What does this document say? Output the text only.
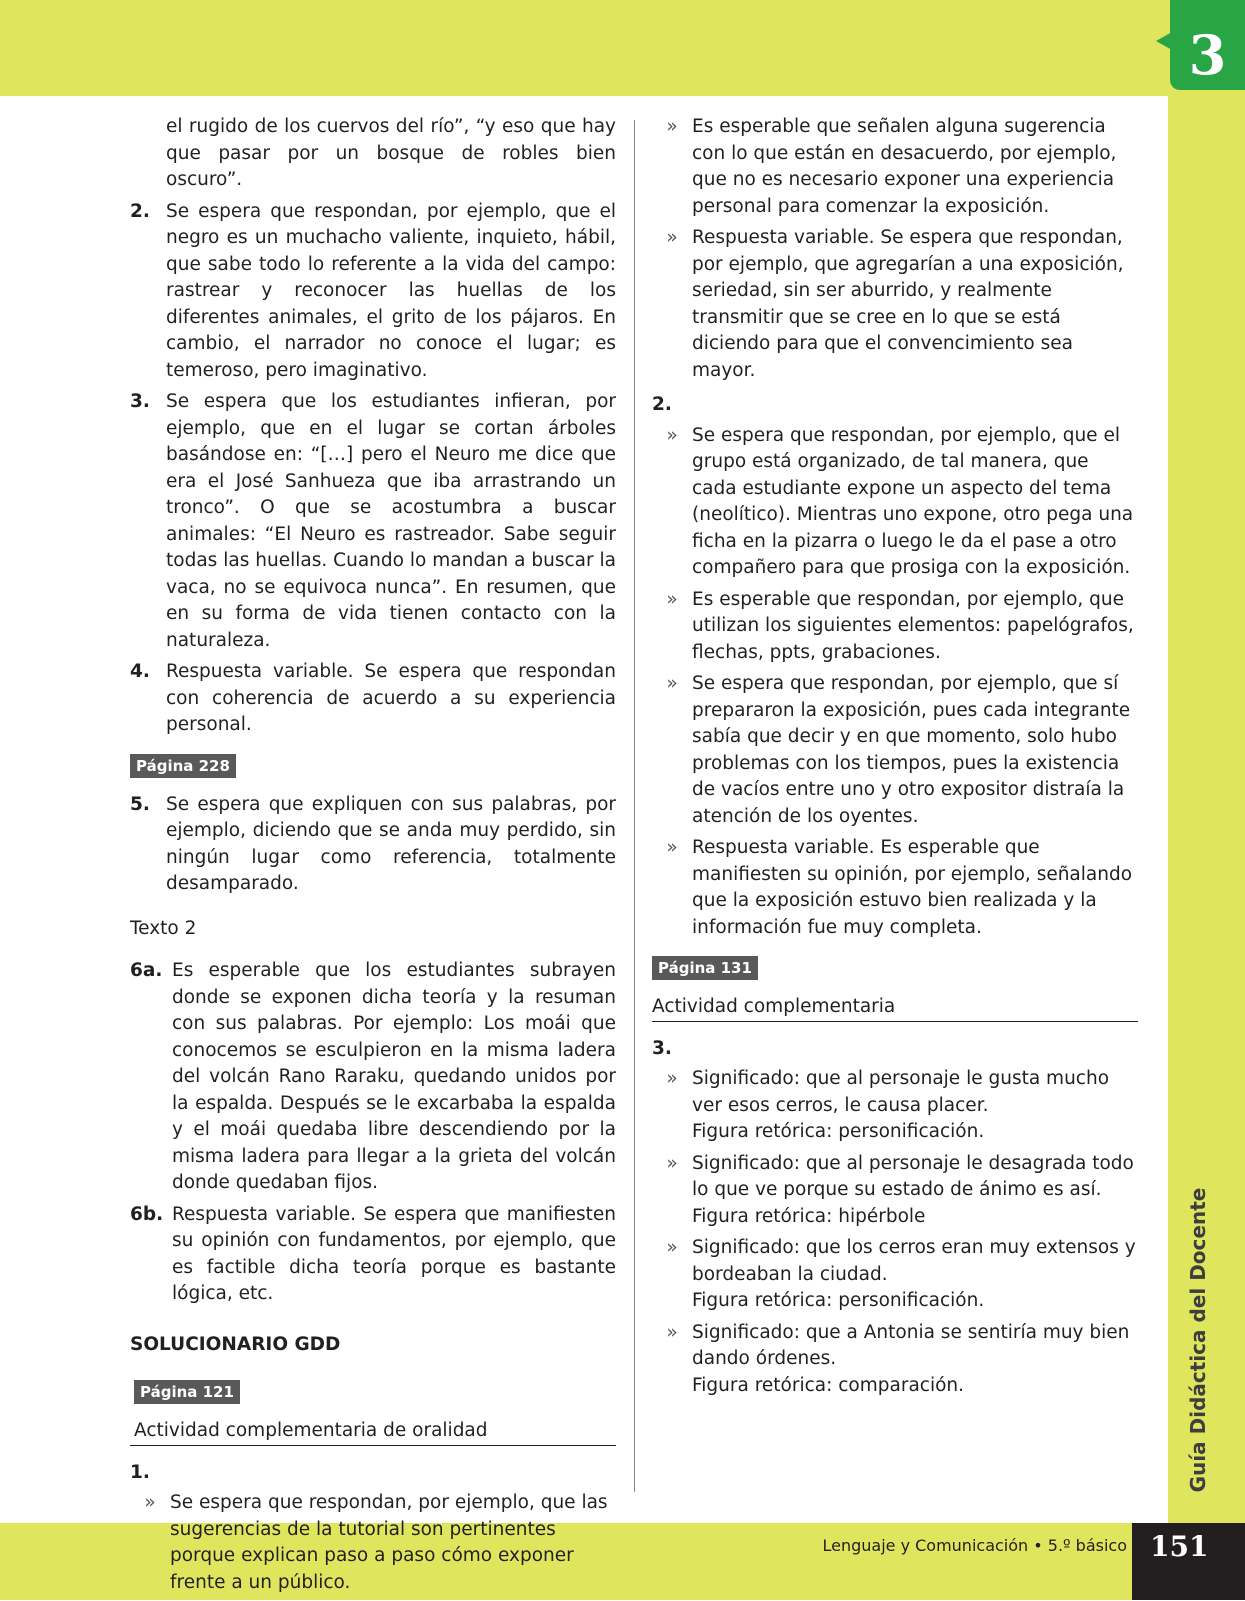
3
Guía Didáctica del Docente
Lenguaje y Comunicación • 5.º básico 151
el rugido de los cuervos del río”, “y eso que hay que pasar por un bosque de robles bien oscuro”.
2. Se espera que respondan, por ejemplo, que el negro es un muchacho valiente, inquieto, hábil, que sabe todo lo referente a la vida del campo: rastrear y reconocer las huellas de los diferentes animales, el grito de los pájaros. En cambio, el narrador no conoce el lugar; es temeroso, pero imaginativo.
3. Se espera que los estudiantes infieran, por ejemplo, que en el lugar se cortan árboles basándose en: “[…] pero el Neuro me dice que era el José Sanhueza que iba arrastrando un tronco”. O que se acostumbra a buscar animales: “El Neuro es rastreador. Sabe seguir todas las huellas. Cuando lo mandan a buscar la vaca, no se equivoca nunca”. En resumen, que en su forma de vida tienen contacto con la naturaleza.
4. Respuesta variable. Se espera que respondan con coherencia de acuerdo a su experiencia personal.
Página 228
5. Se espera que expliquen con sus palabras, por ejemplo, diciendo que se anda muy perdido, sin ningún lugar como referencia, totalmente desamparado.
Texto 2
6a. Es esperable que los estudiantes subrayen donde se exponen dicha teoría y la resuman con sus palabras. Por ejemplo: Los moái que conocemos se esculpieron en la misma ladera del volcán Rano Raraku, quedando unidos por la espalda. Después se le excarbaba la espalda y el moái quedaba libre descendiendo por la misma ladera para llegar a la grieta del volcán donde quedaban fijos.
6b. Respuesta variable. Se espera que manifiesten su opinión con fundamentos, por ejemplo, que es factible dicha teoría porque es bastante lógica, etc.
SOLUCIONARIO GDD
Página 121
Actividad complementaria de oralidad
1.
» Se espera que respondan, por ejemplo, que las sugerencias de la tutorial son pertinentes porque explican paso a paso cómo exponer frente a un público.
» Es esperable que señalen alguna sugerencia con lo que están en desacuerdo, por ejemplo, que no es necesario exponer una experiencia personal para comenzar la exposición.
» Respuesta variable. Se espera que respondan, por ejemplo, que agregarían a una exposición, seriedad, sin ser aburrido, y realmente transmitir que se cree en lo que se está diciendo para que el convencimiento sea mayor.
2.
» Se espera que respondan, por ejemplo, que el grupo está organizado, de tal manera, que cada estudiante expone un aspecto del tema (neolítico). Mientras uno expone, otro pega una ficha en la pizarra o luego le da el pase a otro compañero para que prosiga con la exposición.
» Es esperable que respondan, por ejemplo, que utilizan los siguientes elementos: papelógrafos, flechas, ppts, grabaciones.
» Se espera que respondan, por ejemplo, que sí prepararon la exposición, pues cada integrante sabía que decir y en que momento, solo hubo problemas con los tiempos, pues la existencia de vacíos entre uno y otro expositor distraía la atención de los oyentes.
» Respuesta variable. Es esperable que manifiesten su opinión, por ejemplo, señalando que la exposición estuvo bien realizada y la información fue muy completa.
Página 131
Actividad complementaria
3.
» Significado: que al personaje le gusta mucho ver esos cerros, le causa placer.
Figura retórica: personificación.
» Significado: que al personaje le desagrada todo lo que ve porque su estado de ánimo es así.
Figura retórica: hipérbole
» Significado: que los cerros eran muy extensos y bordeaban la ciudad.
Figura retórica: personificación.
» Significado: que a Antonia se sentiría muy bien dando órdenes.
Figura retórica: comparación.
